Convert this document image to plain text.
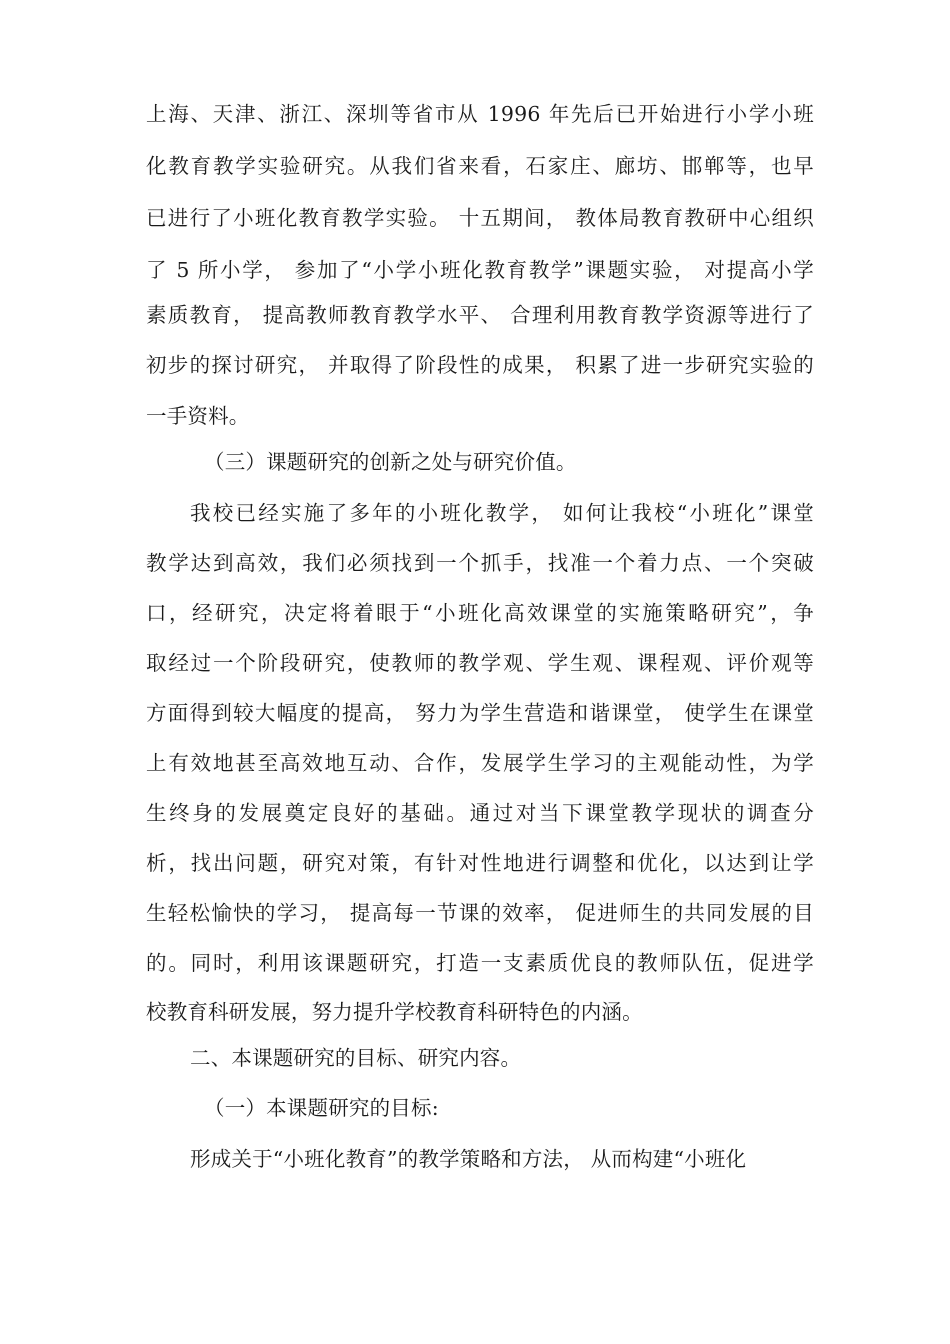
上海、天津、浙江、深圳等省市从 1996 年先后已开始进行小学小班
化教育教学实验研究。从我们省来看，石家庄、廊坊、邯郸等，也早
已进行了小班化教育教学实验。 十五期间， 教体局教育教研中心组织
了 5 所小学， 参加了“小学小班化教育教学”课题实验， 对提高小学
素质教育， 提高教师教育教学水平、 合理利用教育教学资源等进行了
初步的探讨研究， 并取得了阶段性的成果， 积累了进一步研究实验的
一手资料。
（三）课题研究的创新之处与研究价值。
我校已经实施了多年的小班化教学， 如何让我校“小班化”课堂
教学达到高效，我们必须找到一个抓手，找准一个着力点、一个突破
口，经研究，决定将着眼于“小班化高效课堂的实施策略研究”，争
取经过一个阶段研究，使教师的教学观、学生观、课程观、评价观等
方面得到较大幅度的提高， 努力为学生营造和谐课堂， 使学生在课堂
上有效地甚至高效地互动、合作，发展学生学习的主观能动性，为学
生终身的发展奠定良好的基础。通过对当下课堂教学现状的调查分
析，找出问题，研究对策，有针对性地进行调整和优化，以达到让学
生轻松愉快的学习， 提高每一节课的效率， 促进师生的共同发展的目
的。同时，利用该课题研究，打造一支素质优良的教师队伍，促进学
校教育科研发展，努力提升学校教育科研特色的内涵。
二、本课题研究的目标、研究内容。
（一）本课题研究的目标:
形成关于“小班化教育”的教学策略和方法， 从而构建“小班化
